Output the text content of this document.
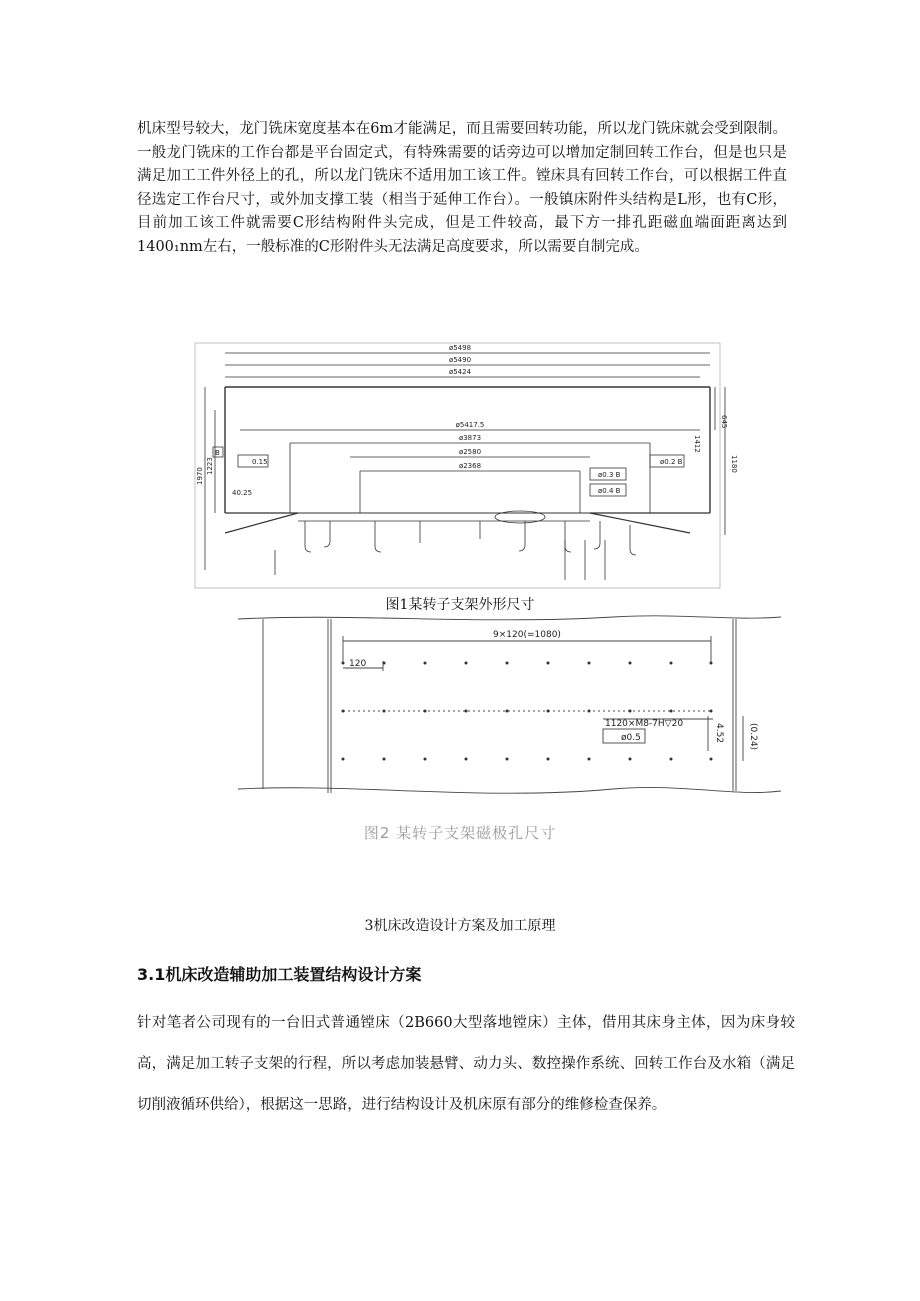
机床型号较大，龙门铣床宽度基本在6m才能满足，而且需要回转功能，所以龙门铣床就会受到限制。一般龙门铣床的工作台都是平台固定式，有特殊需要的话旁边可以增加定制回转工作台，但是也只是满足加工工件外径上的孔，所以龙门铣床不适用加工该工件。镗床具有回转工作台，可以根据工件直径选定工作台尺寸，或外加支撑工装（相当于延伸工作台）。一般镇床附件头结构是L形，也有C形，目前加工该工件就需要C形结构附件头完成，但是工件较高，最下方一排孔距磁血端面距离达到1400₁nm左右，一般标准的C形附件头无法满足高度要求，所以需要自制完成。

ø5498
ø5490
ø5424
ø5417.5
ø3873
ø2580
ø2368
1970
1223
40.25
645
1180
1412
0.15	ø0.2 B
ø0.3 B
ø0.4 B
B
图1某转子支架外形尺寸
9×120(=1080)
120
1120×M8-7H▽20
ø0.5	4.52	(0.24)
图2 某转子支架磁极孔尺寸
3机床改造设计方案及加工原理
3.1机床改造辅助加工装置结构设计方案

针对笔者公司现有的一台旧式普通镗床（2B660大型落地镗床）主体，借用其床身主体，因为床身较高，满足加工转子支架的行程，所以考虑加装悬臂、动力头、数控操作系统、回转工作台及水箱（满足切削液循环供给），根据这一思路，进行结构设计及机床原有部分的维修检查保养。
